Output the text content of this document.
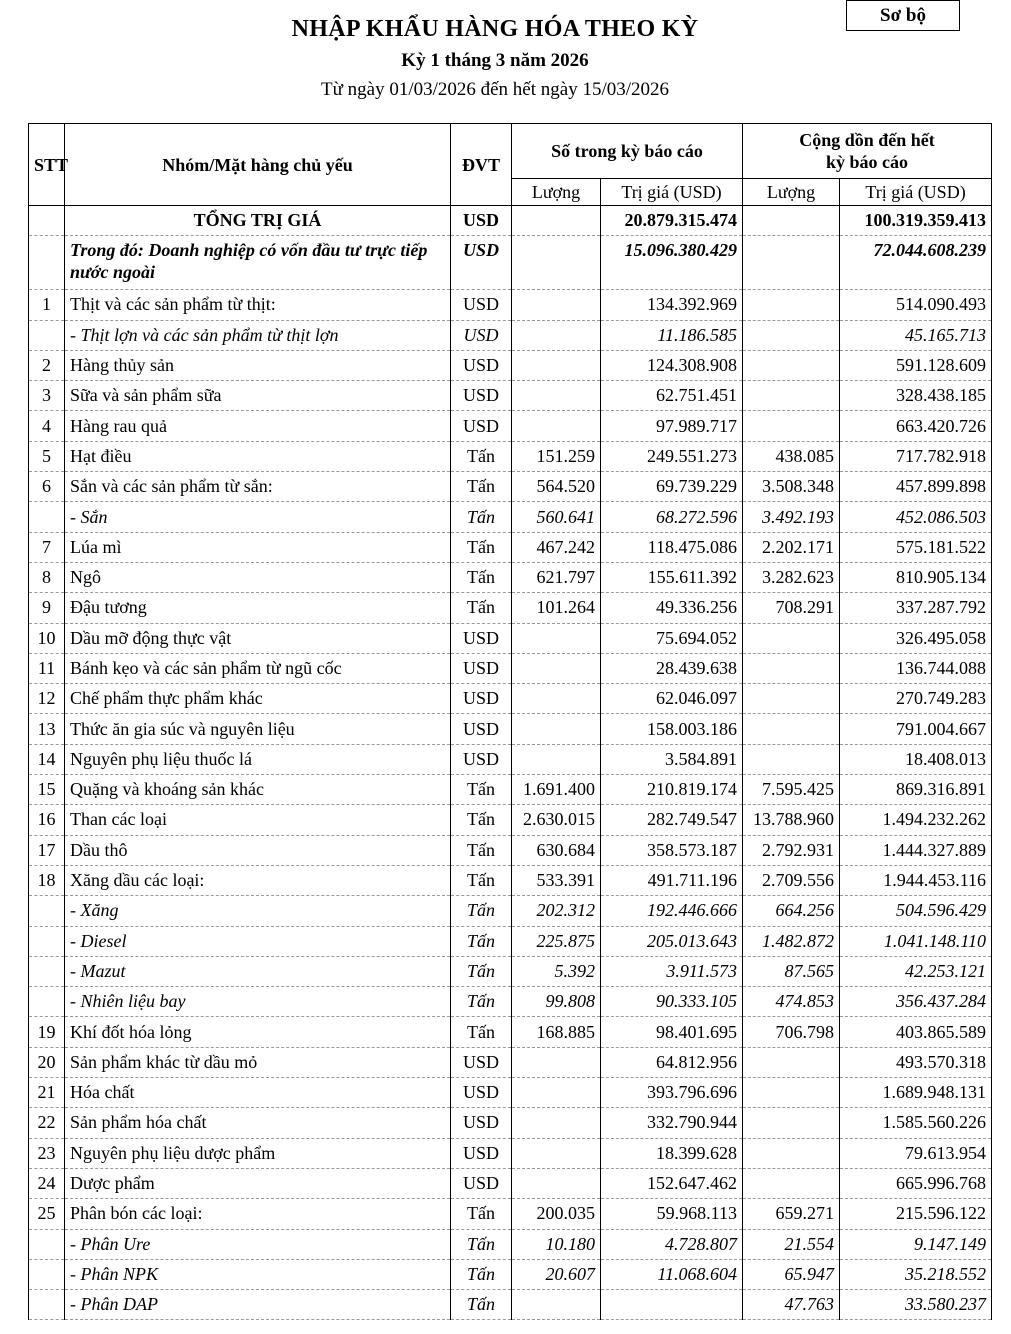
Sơ bộ
NHẬP KHẨU HÀNG HÓA THEO KỲ
Kỳ 1 tháng 3 năm 2026
Từ ngày 01/03/2026 đến hết ngày 15/03/2026
STT	Nhóm/Mặt hàng chủ yếu	ĐVT	Số trong kỳ báo cáo		Cộng dồn đến hết
kỳ báo cáo	

			Lượng	Trị giá (USD)	Lượng	Trị giá (USD)
	TỔNG TRỊ GIÁ	USD		20.879.315.474		100.319.359.413
	Trong đó: Doanh nghiệp có vốn đầu tư trực tiếp nước ngoài	USD		15.096.380.429		72.044.608.239
1	Thịt và các sản phẩm từ thịt:	USD		134.392.969		514.090.493
	- Thịt lợn và các sản phẩm từ thịt lợn	USD		11.186.585		45.165.713
2	Hàng thủy sản	USD		124.308.908		591.128.609
3	Sữa và sản phẩm sữa	USD		62.751.451		328.438.185
4	Hàng rau quả	USD		97.989.717		663.420.726
5	Hạt điều	Tấn	151.259	249.551.273	438.085	717.782.918
6	Sắn và các sản phẩm từ sắn:	Tấn	564.520	69.739.229	3.508.348	457.899.898
	- Sắn	Tấn	560.641	68.272.596	3.492.193	452.086.503
7	Lúa mì	Tấn	467.242	118.475.086	2.202.171	575.181.522
8	Ngô	Tấn	621.797	155.611.392	3.282.623	810.905.134
9	Đậu tương	Tấn	101.264	49.336.256	708.291	337.287.792
10	Dầu mỡ động thực vật	USD		75.694.052		326.495.058
11	Bánh kẹo và các sản phẩm từ ngũ cốc	USD		28.439.638		136.744.088
12	Chế phẩm thực phẩm khác	USD		62.046.097		270.749.283
13	Thức ăn gia súc và nguyên liệu	USD		158.003.186		791.004.667
14	Nguyên phụ liệu thuốc lá	USD		3.584.891		18.408.013
15	Quặng và khoáng sản khác	Tấn	1.691.400	210.819.174	7.595.425	869.316.891
16	Than các loại	Tấn	2.630.015	282.749.547	13.788.960	1.494.232.262
17	Dầu thô	Tấn	630.684	358.573.187	2.792.931	1.444.327.889
18	Xăng dầu các loại:	Tấn	533.391	491.711.196	2.709.556	1.944.453.116
	- Xăng	Tấn	202.312	192.446.666	664.256	504.596.429
	- Diesel	Tấn	225.875	205.013.643	1.482.872	1.041.148.110
	- Mazut	Tấn	5.392	3.911.573	87.565	42.253.121
	- Nhiên liệu bay	Tấn	99.808	90.333.105	474.853	356.437.284
19	Khí đốt hóa lỏng	Tấn	168.885	98.401.695	706.798	403.865.589
20	Sản phẩm khác từ dầu mỏ	USD		64.812.956		493.570.318
21	Hóa chất	USD		393.796.696		1.689.948.131
22	Sản phẩm hóa chất	USD		332.790.944		1.585.560.226
23	Nguyên phụ liệu dược phẩm	USD		18.399.628		79.613.954
24	Dược phẩm	USD		152.647.462		665.996.768
25	Phân bón các loại:	Tấn	200.035	59.968.113	659.271	215.596.122
	- Phân Ure	Tấn	10.180	4.728.807	21.554	9.147.149
	- Phân NPK	Tấn	20.607	11.068.604	65.947	35.218.552
	- Phân DAP	Tấn			47.763	33.580.237
